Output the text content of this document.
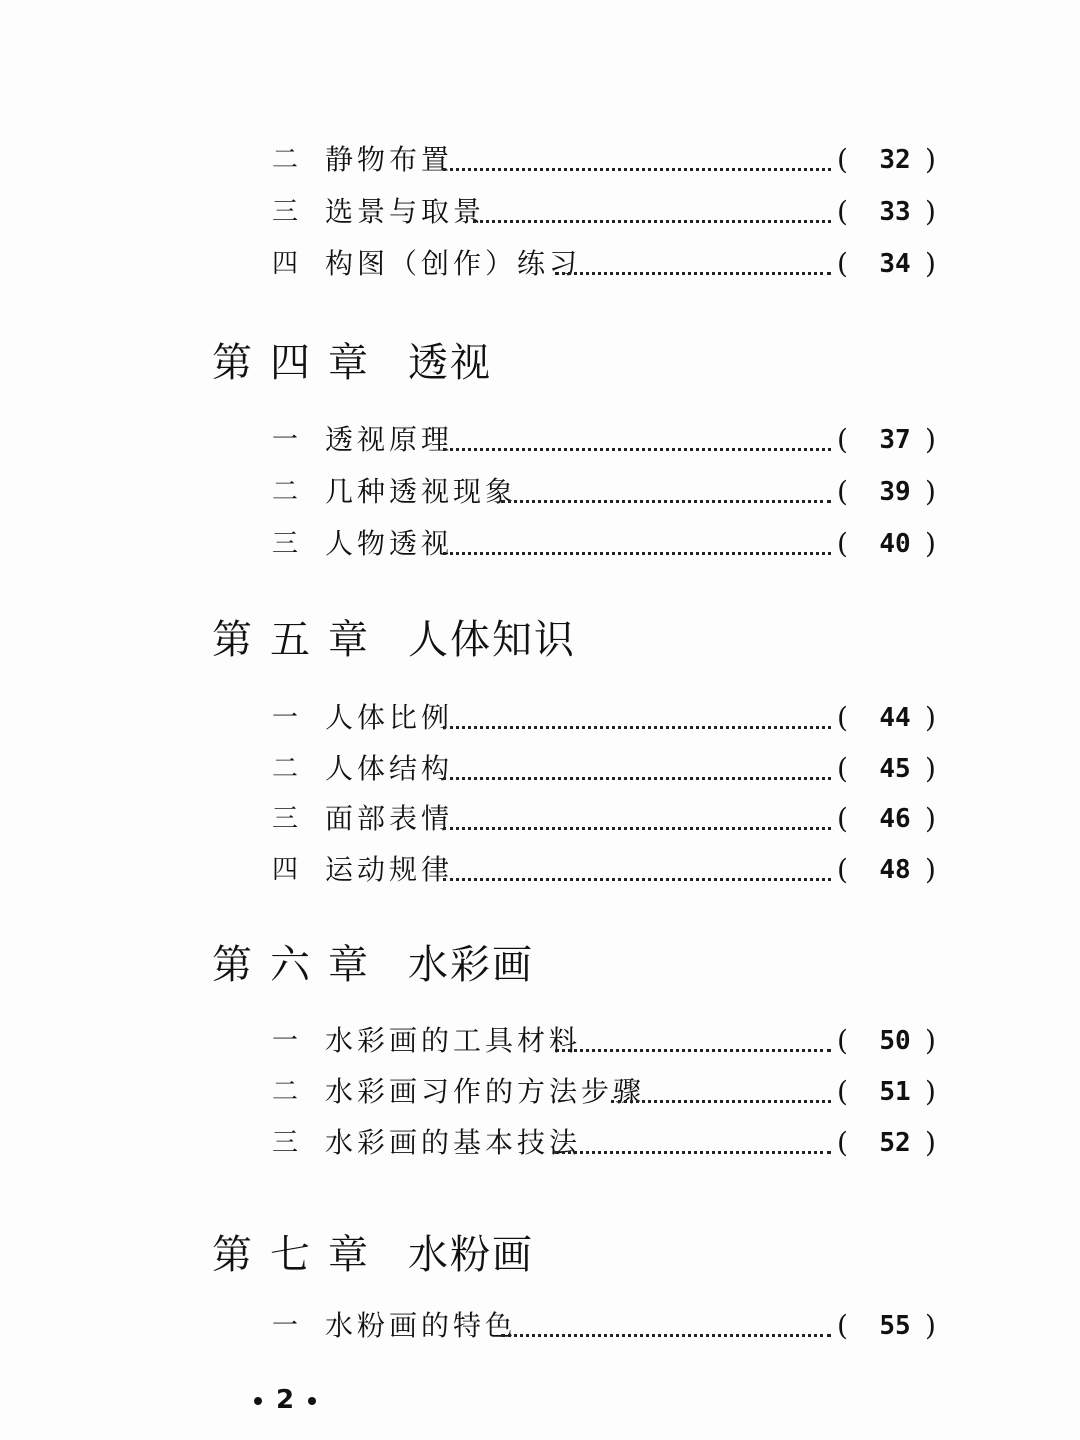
二 静物布置	(	32 )
三 选景与取景	(	33 )
四 构图（创作）练习	(	34 )
第四章 透视
一 透视原理	(	37 )
二 几种透视现象	(	39 )
三 人物透视	(	40 )
第五章 人体知识
一 人体比例	(	44 )
二 人体结构	(	45 )
三 面部表情	(	46 )
四 运动规律	(	48 )
第六章 水彩画
一 水彩画的工具材料	(	50 )
二 水彩画习作的方法步骤	(	51 )
三 水彩画的基本技法	(	52 )
第七章 水粉画
一 水粉画的特色	(	55 )
2
